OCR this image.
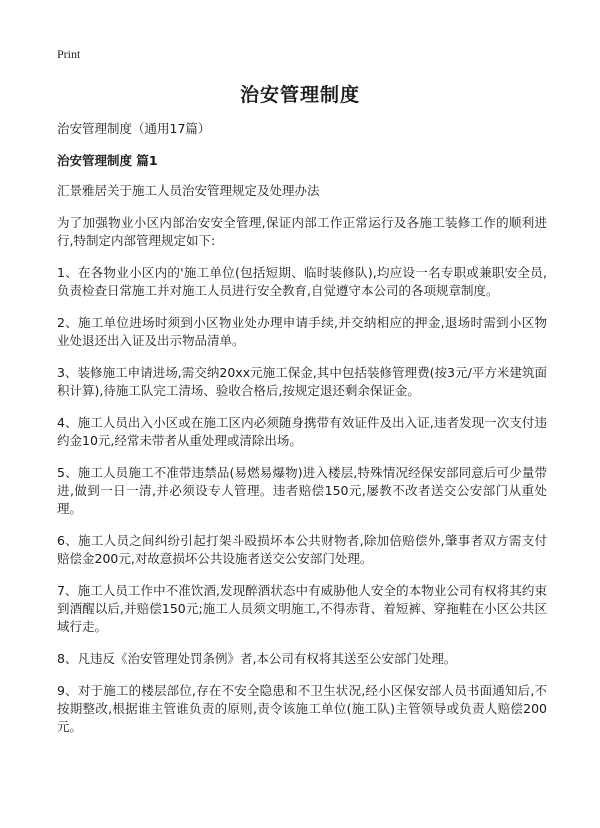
Print
治安管理制度

治安管理制度（通用17篇）

治安管理制度 篇1

汇景雅居关于施工人员治安管理规定及处理办法

为了加强物业小区内部治安安全管理,保证内部工作正常运行及各施工装修工作的顺利进行,特制定内部管理规定如下:

1、在各物业小区内的'施工单位(包括短期、临时装修队),均应设一名专职或兼职安全员,负责检查日常施工并对施工人员进行安全教育,自觉遵守本公司的各项规章制度。

2、施工单位进场时须到小区物业处办理申请手续,并交纳相应的押金,退场时需到小区物业处退还出入证及出示物品清单。

3、装修施工申请进场,需交纳20xx元施工保金,其中包括装修管理费(按3元/平方米建筑面积计算),待施工队完工清场、验收合格后,按规定退还剩余保证金。

4、施工人员出入小区或在施工区内必须随身携带有效证件及出入证,违者发现一次支付违约金10元,经常未带者从重处理或清除出场。

5、施工人员施工不准带违禁品(易燃易爆物)进入楼层,特殊情况经保安部同意后可少量带进,做到一日一清,并必须设专人管理。违者赔偿150元,屡教不改者送交公安部门从重处理。

6、施工人员之间纠纷引起打架斗殴损坏本公共财物者,除加倍赔偿外,肇事者双方需支付赔偿金200元,对故意损坏公共设施者送交公安部门处理。

7、施工人员工作中不准饮酒,发现醉酒状态中有威胁他人安全的本物业公司有权将其约束到酒醒以后,并赔偿150元;施工人员须文明施工,不得赤背、着短裤、穿拖鞋在小区公共区域行走。

8、凡违反《治安管理处罚条例》者,本公司有权将其送至公安部门处理。

9、对于施工的楼层部位,存在不安全隐患和不卫生状况,经小区保安部人员书面通知后,不按期整改,根据谁主管谁负责的原则,责令该施工单位(施工队)主管领导或负责人赔偿200元。
